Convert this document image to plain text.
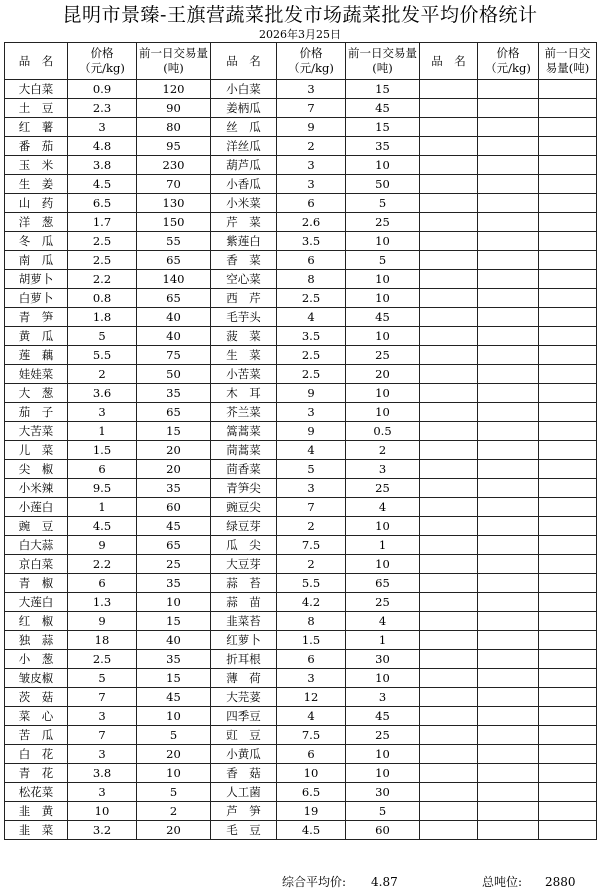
昆明市景臻-王旗营蔬菜批发市场蔬菜批发平均价格统计
2026年3月25日
品　名	价格（元/kg)	前一日交易量(吨)	品　名	价格（元/kg)	前一日交易量(吨)	品　名	价格（元/kg)	前一日交易量(吨)
大白菜	0.9	120	小白菜	3	15			
土　豆	2.3	90	姜柄瓜	7	45			
红　薯	3	80	丝　瓜	9	15			
番　茄	4.8	95	洋丝瓜	2	35			
玉　米	3.8	230	葫芦瓜	3	10			
生　姜	4.5	70	小香瓜	3	50			
山　药	6.5	130	小米菜	6	5			
洋　葱	1.7	150	芹　菜	2.6	25			
冬　瓜	2.5	55	紫莲白	3.5	10			
南　瓜	2.5	65	香　菜	6	5			
胡萝卜	2.2	140	空心菜	8	10			
白萝卜	0.8	65	西　芹	2.5	10			
青　笋	1.8	40	毛芋头	4	45			
黄　瓜	5	40	菠　菜	3.5	10			
莲　藕	5.5	75	生　菜	2.5	25			
娃娃菜	2	50	小苦菜	2.5	20			
大　葱	3.6	35	木　耳	9	10			
茄　子	3	65	芥兰菜	3	10			
大苦菜	1	15	篙蒿菜	9	0.5			
儿　菜	1.5	20	茼蒿菜	4	2			
尖　椒	6	20	茴香菜	5	3			
小米辣	9.5	35	青笋尖	3	25			
小莲白	1	60	豌豆尖	7	4			
豌　豆	4.5	45	绿豆芽	2	10			
白大蒜	9	65	瓜　尖	7.5	1			
京白菜	2.2	25	大豆芽	2	10			
青　椒	6	35	蒜　苔	5.5	65			
大莲白	1.3	10	蒜　苗	4.2	25			
红　椒	9	15	韭菜苔	8	4			
独　蒜	18	40	红萝卜	1.5	1			
小　葱	2.5	35	折耳根	6	30			
皱皮椒	5	15	薄　荷	3	10			
茨　菇	7	45	大芫荽	12	3			
菜　心	3	10	四季豆	4	45			
苦　瓜	7	5	豇　豆	7.5	25			
白　花	3	20	小黄瓜	6	10			
青　花	3.8	10	香　菇	10	10			
松花菜	3	5	人工菌	6.5	30			
韭　黄	10	2	芦　笋	19	5			
韭　菜	3.2	20	毛　豆	4.5	60			
综合平均价: 4.87	总吨位: 2880
